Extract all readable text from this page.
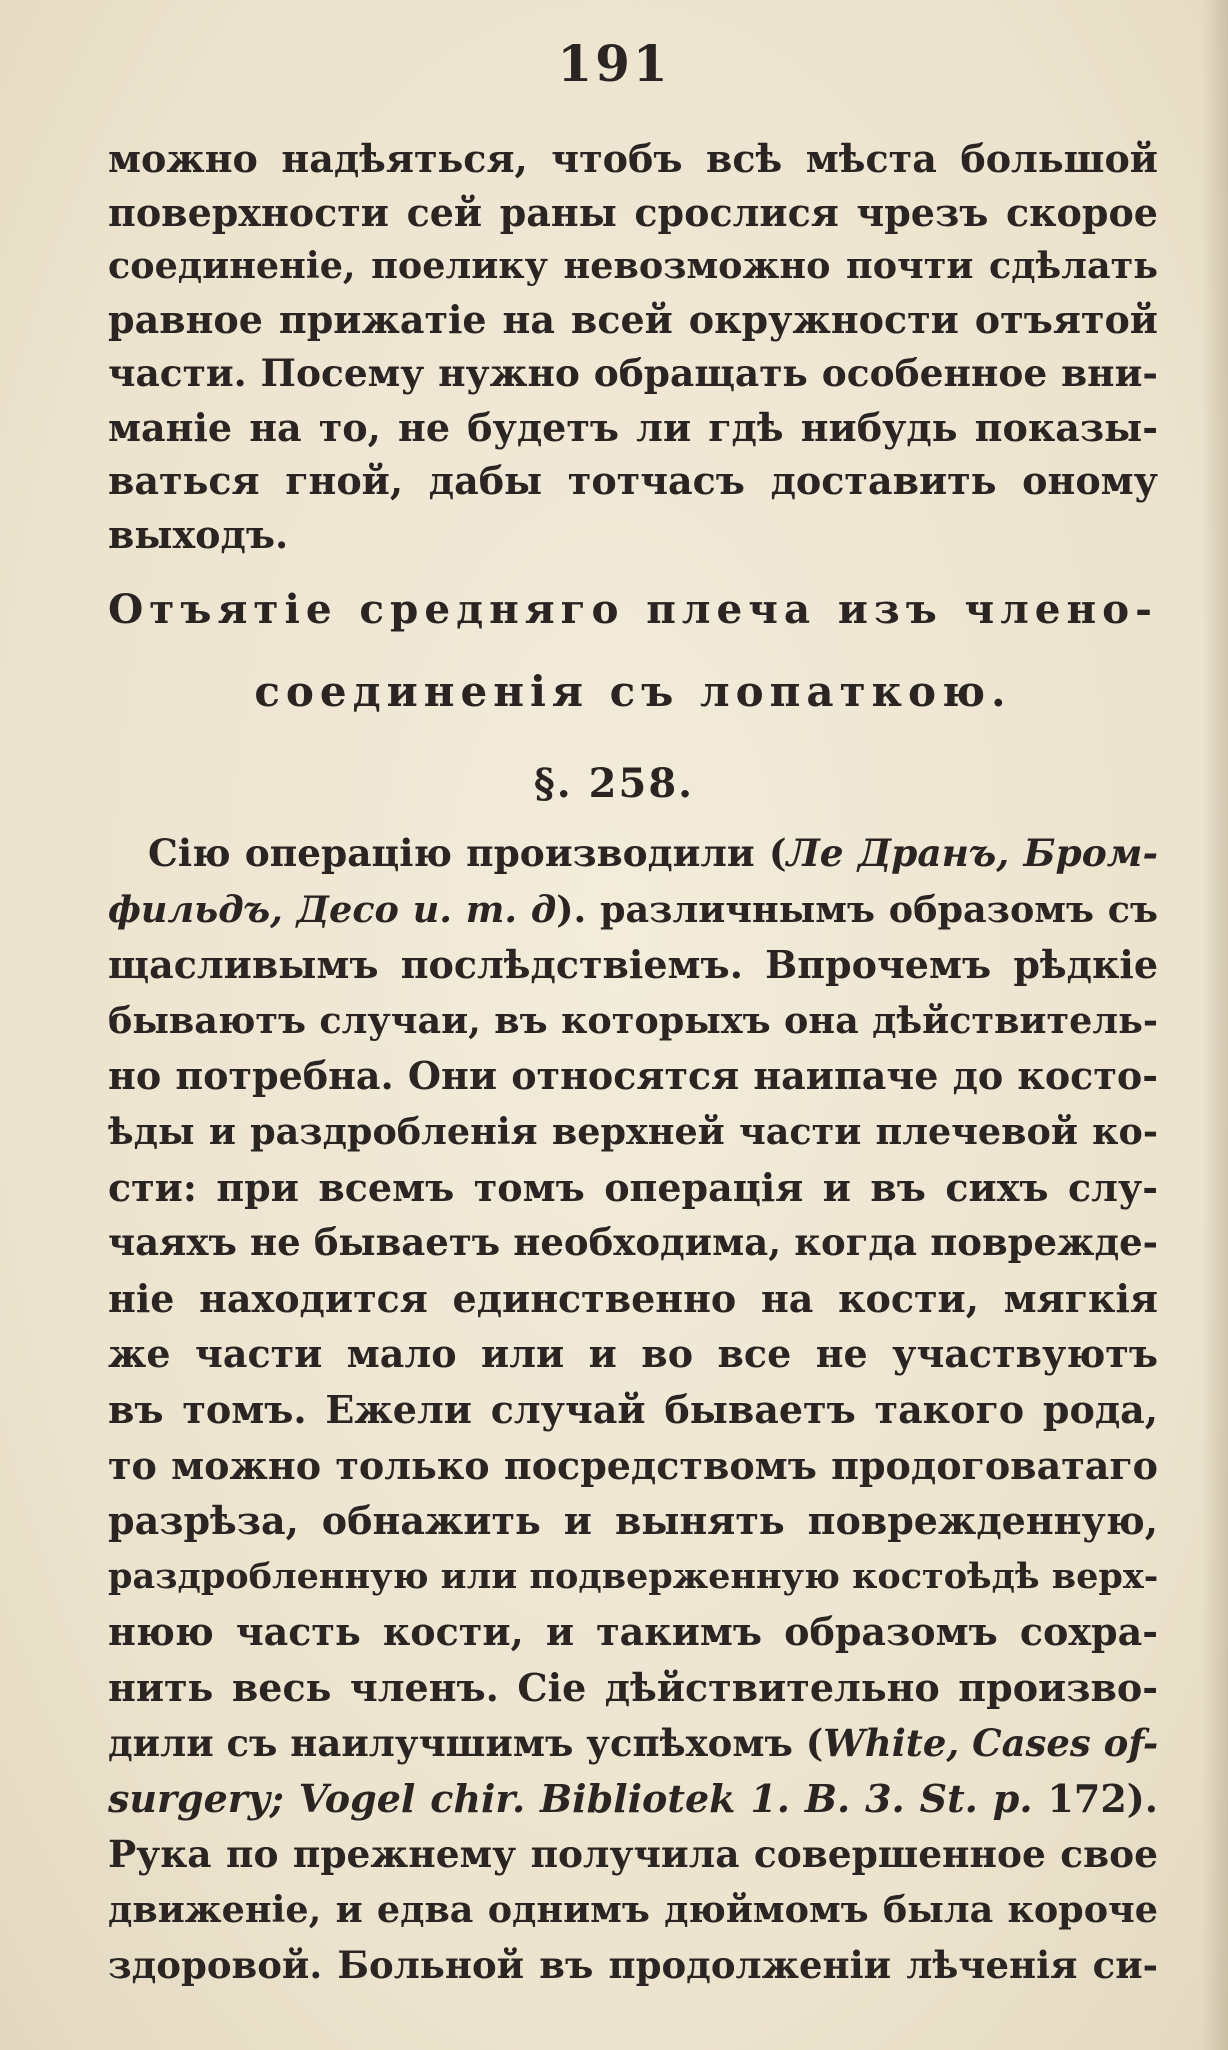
191
можно надѣяться, чтобъ всѣ мѣста большой
поверхности сей раны срослися чрезъ скорое
соединенiе, поелику невозможно почти сдѣлать
равное прижатiе на всей окружности отъятой
части. Посему нужно обращать особенное вни-
манiе на то, не будетъ ли гдѣ нибудь показы-
ваться гной, дабы тотчасъ доставить оному
выходъ.
Отъятiе средняго плеча изъ члено-
соединенiя съ лопаткою.
§. 258.
Сiю операцiю производили (Ле Дранъ, Бром-
фильдъ, Десо и. т. д). различнымъ образомъ съ
щасливымъ послѣдствiемъ. Впрочемъ рѣдкiе
бываютъ случаи, въ которыхъ она дѣйствитель-
но потребна. Они относятся наипаче до костo-
ѣды и раздробленiя верхней части плечевой ко-
сти: при всемъ томъ операцiя и въ сихъ слу-
чаяхъ не бываетъ необходима, когда поврежде-
нiе находится единственно на кости, мягкiя
же части мало или и во все не участвуютъ
въ томъ. Ежели случай бываетъ такого рода,
то можно только посредствомъ продоговатаго
разрѣза, обнажить и вынять поврежденную,
раздробленную или подверженную костоѣдѣ верх-
нюю часть кости, и такимъ образомъ сохра-
нить весь членъ. Сiе дѣйствительно произво-
дили съ наилучшимъ успѣхомъ (White, Cases of-
surgery; Vogel chir. Bibliotek 1. B. 3. St. p. 172).
Рука по прежнему получила совершенное свое
движенiе, и едва однимъ дюймомъ была короче
здоровой. Больной въ продолженiи лѣченiя си-
